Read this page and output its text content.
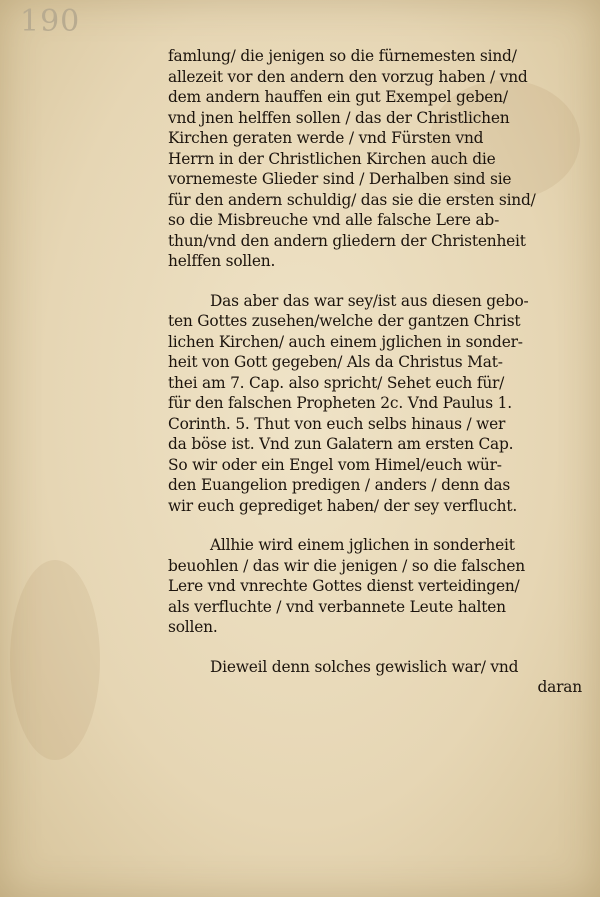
190
famlung/ die jenigen so die fürnemesten sind/
allezeit vor den andern den vorzug haben / vnd
dem andern hauffen ein gut Exempel geben/
vnd jnen helffen sollen / das der Christlichen
Kirchen geraten werde / vnd Fürsten vnd
Herrn in der Christlichen Kirchen auch die
vornemeste Glieder sind / Derhalben sind sie
für den andern schuldig/ das sie die ersten sind/
so die Misbreuche vnd alle falsche Lere ab-
thun/vnd den andern gliedern der Christenheit
helffen sollen.
Das aber das war sey/ist aus diesen gebo-
ten Gottes zusehen/welche der gantzen Christ
lichen Kirchen/ auch einem jglichen in sonder-
heit von Gott gegeben/ Als da Christus Mat-
thei am 7. Cap. also spricht/ Sehet euch für/
für den falschen Propheten 2c. Vnd Paulus 1.
Corinth. 5. Thut von euch selbs hinaus / wer
da böse ist. Vnd zun Galatern am ersten Cap.
So wir oder ein Engel vom Himel/euch wür-
den Euangelion predigen / anders / denn das
wir euch geprediget haben/ der sey verflucht.
Allhie wird einem jglichen in sonderheit
beuohlen / das wir die jenigen / so die falschen
Lere vnd vnrechte Gottes dienst verteidingen/
als verfluchte / vnd verbannete Leute halten
sollen.
Dieweil denn solches gewislich war/ vnd
daran
